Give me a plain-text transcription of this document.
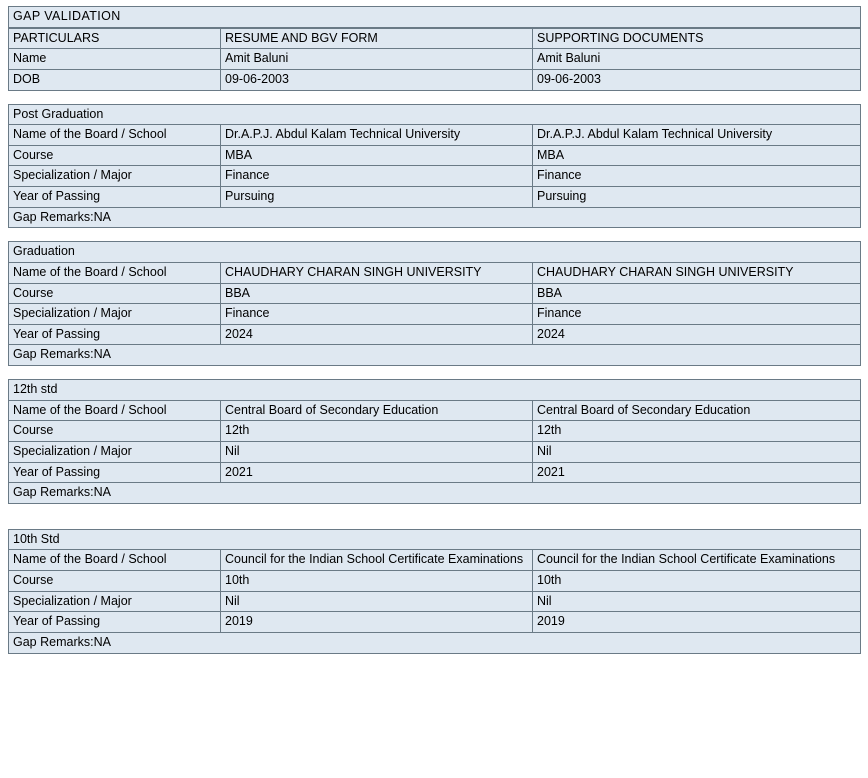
GAP VALIDATION
PARTICULARS	RESUME AND BGV FORM	SUPPORTING DOCUMENTS
Name	Amit Baluni	Amit Baluni
DOB	09-06-2003	09-06-2003
Post Graduation		
Name of the Board / School	Dr.A.P.J. Abdul Kalam Technical University	Dr.A.P.J. Abdul Kalam Technical University
Course	MBA	MBA
Specialization / Major	Finance	Finance
Year of Passing	Pursuing	Pursuing
Gap Remarks:NA		
Graduation		
Name of the Board / School	CHAUDHARY CHARAN SINGH UNIVERSITY	CHAUDHARY CHARAN SINGH UNIVERSITY
Course	BBA	BBA
Specialization / Major	Finance	Finance
Year of Passing	2024	2024
Gap Remarks:NA		
12th std		
Name of the Board / School	Central Board of Secondary Education	Central Board of Secondary Education
Course	12th	12th
Specialization / Major	Nil	Nil
Year of Passing	2021	2021
Gap Remarks:NA		
10th Std		
Name of the Board / School	Council for the Indian School Certificate Examinations	Council for the Indian School Certificate Examinations
Course	10th	10th
Specialization / Major	Nil	Nil
Year of Passing	2019	2019
Gap Remarks:NA		
